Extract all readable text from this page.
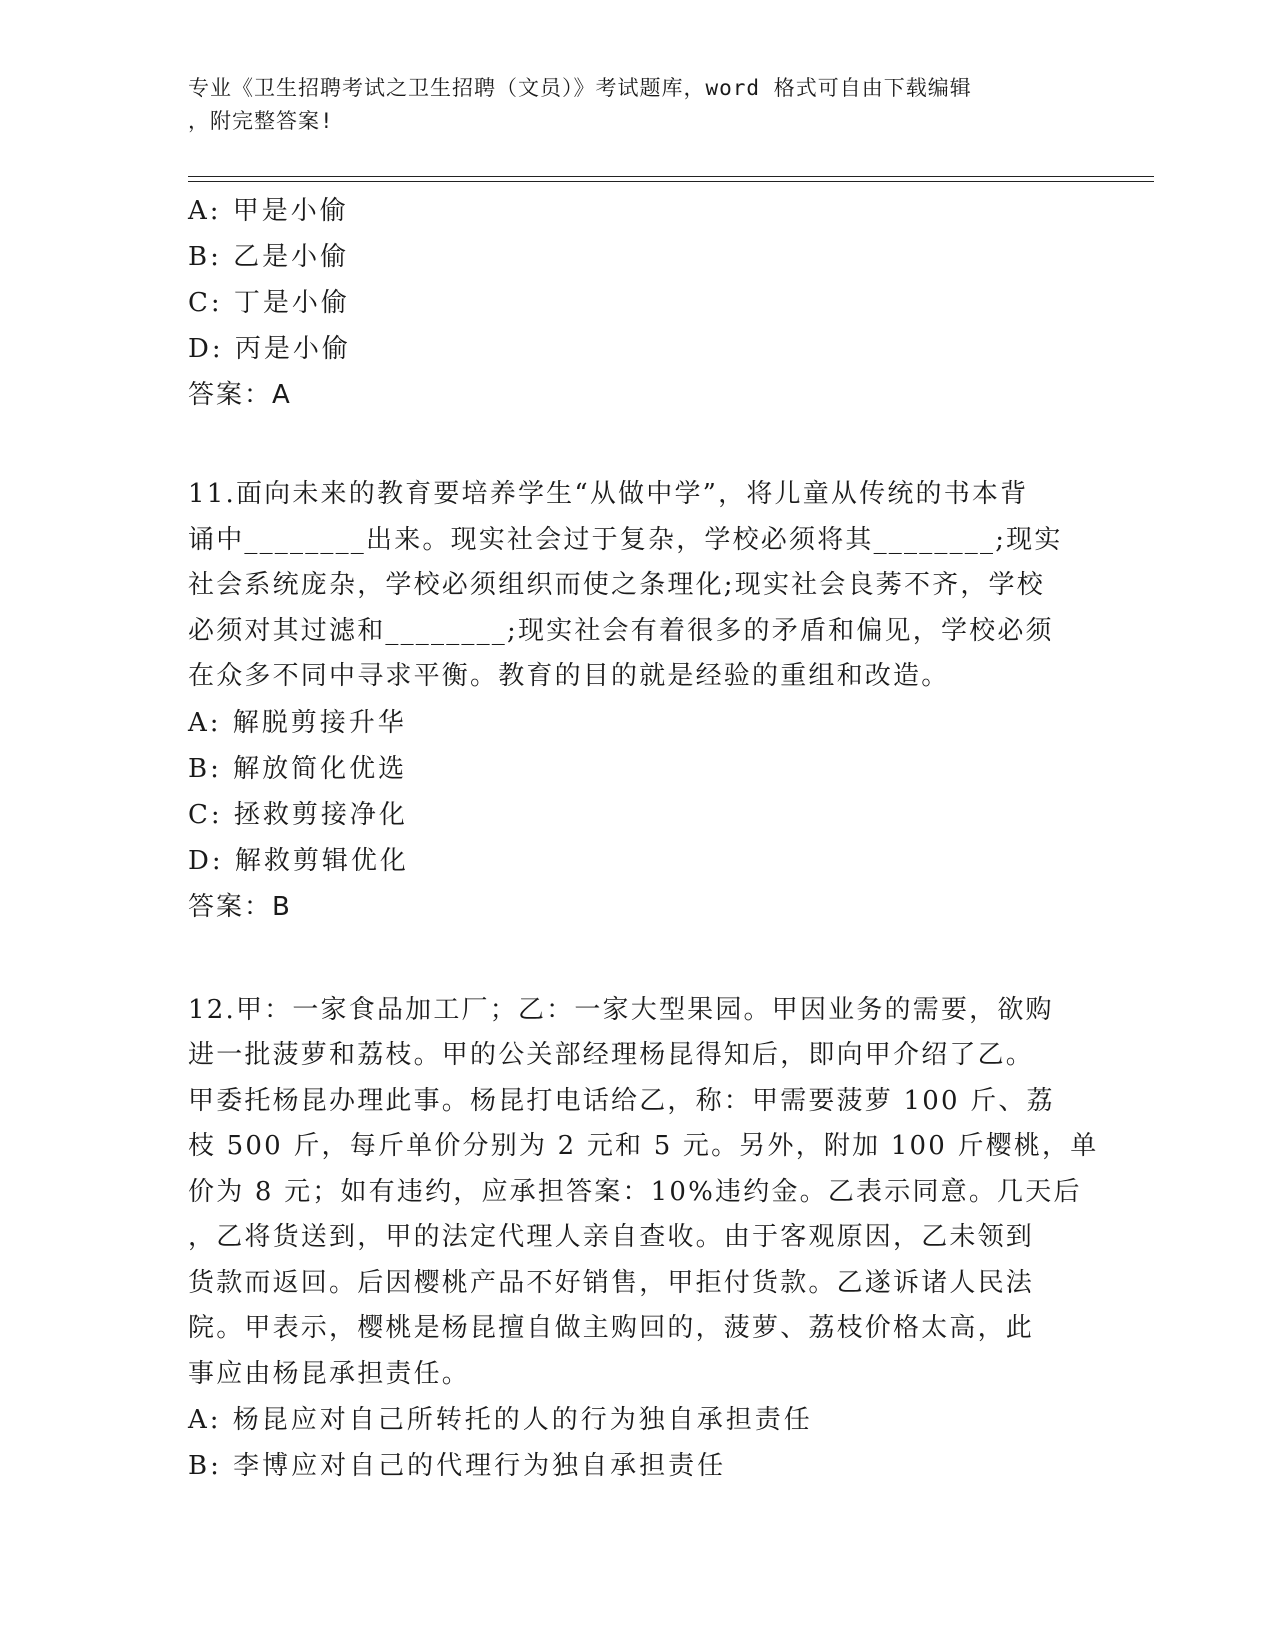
专业《卫生招聘考试之卫生招聘（文员）》考试题库，word 格式可自由下载编辑
，附完整答案!
A: 甲是小偷
B: 乙是小偷
C: 丁是小偷
D: 丙是小偷
答案：A
11.面向未来的教育要培养学生“从做中学”，将儿童从传统的书本背
诵中________出来。现实社会过于复杂，学校必须将其________;现实
社会系统庞杂，学校必须组织而使之条理化;现实社会良莠不齐，学校
必须对其过滤和________;现实社会有着很多的矛盾和偏见，学校必须
在众多不同中寻求平衡。教育的目的就是经验的重组和改造。
A: 解脱剪接升华
B: 解放简化优选
C: 拯救剪接净化
D: 解救剪辑优化
答案：B
12.甲：一家食品加工厂；乙：一家大型果园。甲因业务的需要，欲购
进一批菠萝和荔枝。甲的公关部经理杨昆得知后，即向甲介绍了乙。
甲委托杨昆办理此事。杨昆打电话给乙，称：甲需要菠萝 100 斤、荔
枝 500 斤，每斤单价分别为 2 元和 5 元。另外，附加 100 斤樱桃，单
价为 8 元；如有违约，应承担答案：10%违约金。乙表示同意。几天后
，乙将货送到，甲的法定代理人亲自查收。由于客观原因，乙未领到
货款而返回。后因樱桃产品不好销售，甲拒付货款。乙遂诉诸人民法
院。甲表示，樱桃是杨昆擅自做主购回的，菠萝、荔枝价格太高，此
事应由杨昆承担责任。
A: 杨昆应对自己所转托的人的行为独自承担责任
B: 李博应对自己的代理行为独自承担责任
